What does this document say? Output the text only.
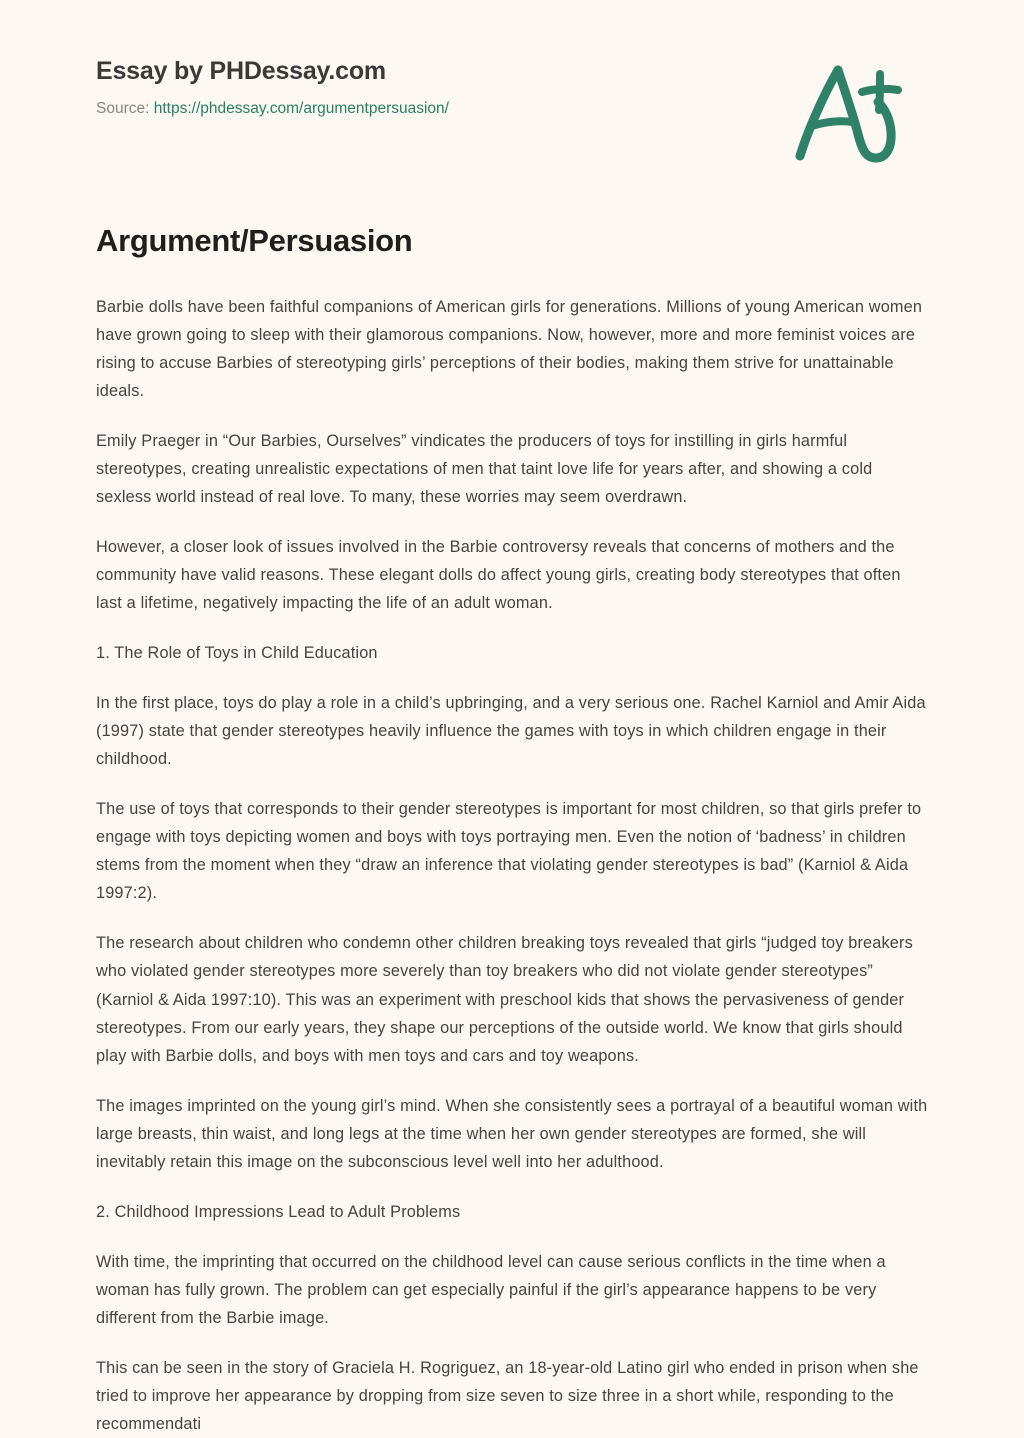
Essay by PHDessay.com
Source: https://phdessay.com/argumentpersuasion/
Argument/Persuasion

Barbie dolls have been faithful companions of American girls for generations. Millions of young American women have grown going to sleep with their glamorous companions. Now, however, more and more feminist voices are rising to accuse Barbies of stereotyping girls’ perceptions of their bodies, making them strive for unattainable ideals.

Emily Praeger in “Our Barbies, Ourselves” vindicates the producers of toys for instilling in girls harmful stereotypes, creating unrealistic expectations of men that taint love life for years after, and showing a cold sexless world instead of real love. To many, these worries may seem overdrawn.

However, a closer look of issues involved in the Barbie controversy reveals that concerns of mothers and the community have valid reasons. These elegant dolls do affect young girls, creating body stereotypes that often last a lifetime, negatively impacting the life of an adult woman.

1. The Role of Toys in Child Education

In the first place, toys do play a role in a child’s upbringing, and a very serious one. Rachel Karniol and Amir Aida (1997) state that gender stereotypes heavily influence the games with toys in which children engage in their childhood.

The use of toys that corresponds to their gender stereotypes is important for most children, so that girls prefer to engage with toys depicting women and boys with toys portraying men. Even the notion of ‘badness’ in children stems from the moment when they “draw an inference that violating gender stereotypes is bad” (Karniol & Aida 1997:2).

The research about children who condemn other children breaking toys revealed that girls “judged toy breakers who violated gender stereotypes more severely than toy breakers who did not violate gender stereotypes” (Karniol & Aida 1997:10). This was an experiment with preschool kids that shows the pervasiveness of gender stereotypes. From our early years, they shape our perceptions of the outside world. We know that girls should play with Barbie dolls, and boys with men toys and cars and toy weapons.

The images imprinted on the young girl’s mind. When she consistently sees a portrayal of a beautiful woman with large breasts, thin waist, and long legs at the time when her own gender stereotypes are formed, she will inevitably retain this image on the subconscious level well into her adulthood.

2. Childhood Impressions Lead to Adult Problems

With time, the imprinting that occurred on the childhood level can cause serious conflicts in the time when a woman has fully grown. The problem can get especially painful if the girl’s appearance happens to be very different from the Barbie image.

This can be seen in the story of Graciela H. Rogriguez, an 18-year-old Latino girl who ended in prison when she tried to improve her appearance by dropping from size seven to size three in a short while, responding to the recommendati
